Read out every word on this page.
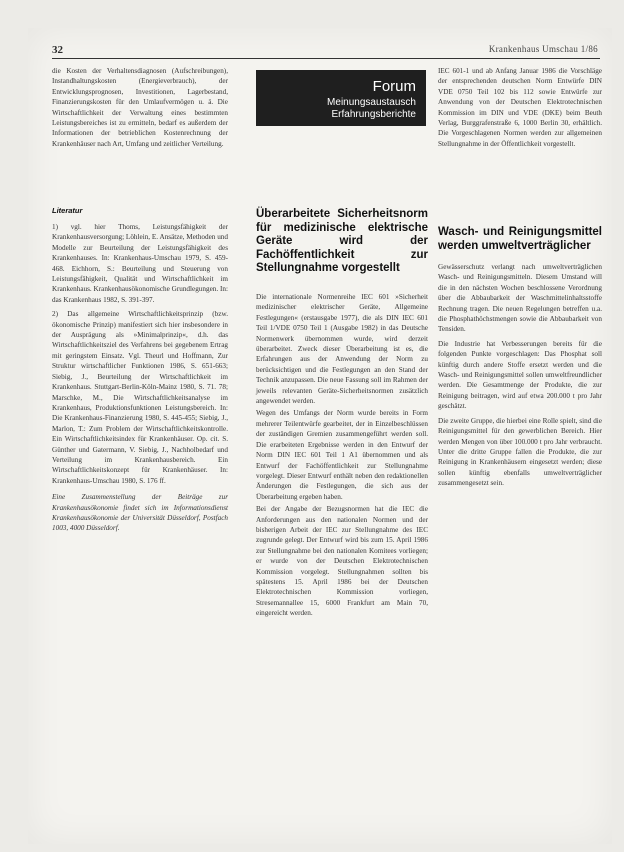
32	Krankenhaus Umschau 1/86

die Kosten der Verhaltensdiagnosen (Aufschreibungen), Instandhaltungskosten (Energieverbrauch), der Entwicklungsprognosen, Investitionen, Lagerbestand, Finanzierungskosten für den Umlaufvermögen u. ä. Die Wirtschaftlichkeit der Verwaltung eines bestimmten Leistungsbereiches ist zu ermitteln, bedarf es außerdem der Informationen der betrieblichen Kostenrechnung der Krankenhäuser nach Art, Umfang und zeitlicher Verteilung.

Literatur

1) vgl. hier Thoms, Leistungsfähigkeit der Krankenhausversorgung; Löhlein, E. Ansätze, Methoden und Modelle zur Beurteilung der Leistungsfähigkeit des Krankenhauses. In: Krankenhaus-Umschau 1979, S. 459-468. Eichhorn, S.: Beurteilung und Steuerung von Leistungsfähigkeit, Qualität und Wirtschaftlichkeit im Krankenhaus. Krankenhausökonomische Grundlegungen. In: das Krankenhaus 1982, S. 391-397.

2) Das allgemeine Wirtschaftlichkeitsprinzip (bzw. ökonomische Prinzip) manifestiert sich hier insbesondere in der Ausprägung als »Minimalprinzip«, d.h. das Wirtschaftlichkeitsziel des Verfahrens bei gegebenem Ertrag mit geringstem Einsatz. Vgl. Theurl und Hoffmann, Zur Struktur wirtschaftlicher Funktionen 1986, S. 651-663; Siebig, J., Beurteilung der Wirtschaftlichkeit im Krankenhaus. Stuttgart-Berlin-Köln-Mainz 1980, S. 71. 78; Marschke, M., Die Wirtschaftlichkeitsanalyse im Krankenhaus, Produktionsfunktionen Leistungsbereich. In: Die Krankenhaus-Finanzierung 1980, S. 445-455; Siebig, J., Marlon, T.: Zum Problem der Wirtschaftlichkeitskontrolle. Ein Wirtschaftlichkeitsindex für Krankenhäuser. Op. cit. S. Günther und Gatermann, V. Siebig, J., Nachholbedarf und Verteilung im Krankenhausbereich. Ein Wirtschaftlichkeitskonzept für Krankenhäuser. In: Krankenhaus-Umschau 1980, S. 176 ff.

Eine Zusammenstellung der Beiträge zur Krankenhausökonomie findet sich im Informationsdienst Krankenhausökonomie der Universität Düsseldorf, Postfach 1003, 4000 Düsseldorf.

Forum
Meinungsaustausch
Erfahrungsberichte
Überarbeitete Sicherheitsnorm für medizinische elektrische Geräte wird der Fachöffentlichkeit zur Stellungnahme vorgestellt

Die internationale Normenreihe IEC 601 »Sicherheit medizinischer elektrischer Geräte, Allgemeine Festlegungen« (erstausgabe 1977), die als DIN IEC 601 Teil 1/VDE 0750 Teil 1 (Ausgabe 1982) in das Deutsche Normenwerk übernommen wurde, wird derzeit überarbeitet. Zweck dieser Überarbeitung ist es, die Erfahrungen aus der Anwendung der Norm zu berücksichtigen und die Festlegungen an den Stand der Technik anzupassen. Die neue Fassung soll im Rahmen der jeweils relevanten Geräte-Sicherheitsnormen zusätzlich angewendet werden.

Wegen des Umfangs der Norm wurde bereits in Form mehrerer Teilentwürfe gearbeitet, der in Einzelbeschlüssen der zuständigen Gremien zusammengeführt werden soll. Die erarbeiteten Ergebnisse werden in den Entwurf der Norm DIN IEC 601 Teil 1 A1 übernommen und als Entwurf der Fachöffentlichkeit zur Stellungnahme vorgelegt. Dieser Entwurf enthält neben den redaktionellen Änderungen die Festlegungen, die sich aus der Überarbeitung ergeben haben.

Bei der Angabe der Bezugsnormen hat die IEC die Anforderungen aus den nationalen Normen und der bisherigen Arbeit der IEC zur Stellungnahme des IEC zugrunde gelegt. Der Entwurf wird bis zum 15. April 1986 zur Stellungnahme bei den nationalen Komitees vorliegen; er wurde von der Deutschen Elektrotechnischen Kommission vorgelegt. Stellungnahmen sollten bis spätestens 15. April 1986 bei der Deutschen Elektrotechnischen Kommission vorliegen, Stresemannallee 15, 6000 Frankfurt am Main 70, eingereicht werden.

IEC 601-1 und ab Anfang Januar 1986 die Vorschläge der entsprechenden deutschen Norm Entwürfe DIN VDE 0750 Teil 102 bis 112 sowie Entwürfe zur Anwendung von der Deutschen Elektrotechnischen Kommission im DIN und VDE (DKE) beim Beuth Verlag, Burggrafenstraße 6, 1000 Berlin 30, erhältlich. Die Vorgeschlagenen Normen werden zur allgemeinen Stellungnahme in der Öffentlichkeit vorgestellt.

Wasch- und Reinigungsmittel werden umweltverträglicher

Gewässerschutz verlangt nach umweltverträglichen Wasch- und Reinigungsmitteln. Diesem Umstand will die in den nächsten Wochen beschlossene Verordnung über die Abbaubarkeit der Waschmittelinhaltsstoffe Rechnung tragen. Die neuen Regelungen betreffen u.a. die Phosphathöchstmengen sowie die Abbaubarkeit von Tensiden.

Die Industrie hat Verbesserungen bereits für die folgenden Punkte vorgeschlagen: Das Phosphat soll künftig durch andere Stoffe ersetzt werden und die Wasch- und Reinigungsmittel sollen umweltfreundlicher werden. Die Gesamtmenge der Produkte, die zur Reinigung beitragen, wird auf etwa 200.000 t pro Jahr geschätzt.

Die zweite Gruppe, die hierbei eine Rolle spielt, sind die Reinigungsmittel für den gewerblichen Bereich. Hier werden Mengen von über 100.000 t pro Jahr verbraucht. Unter die dritte Gruppe fallen die Produkte, die zur Reinigung in Krankenhäusern eingesetzt werden; diese sollen künftig ebenfalls umweltverträglicher zusammengesetzt sein.
